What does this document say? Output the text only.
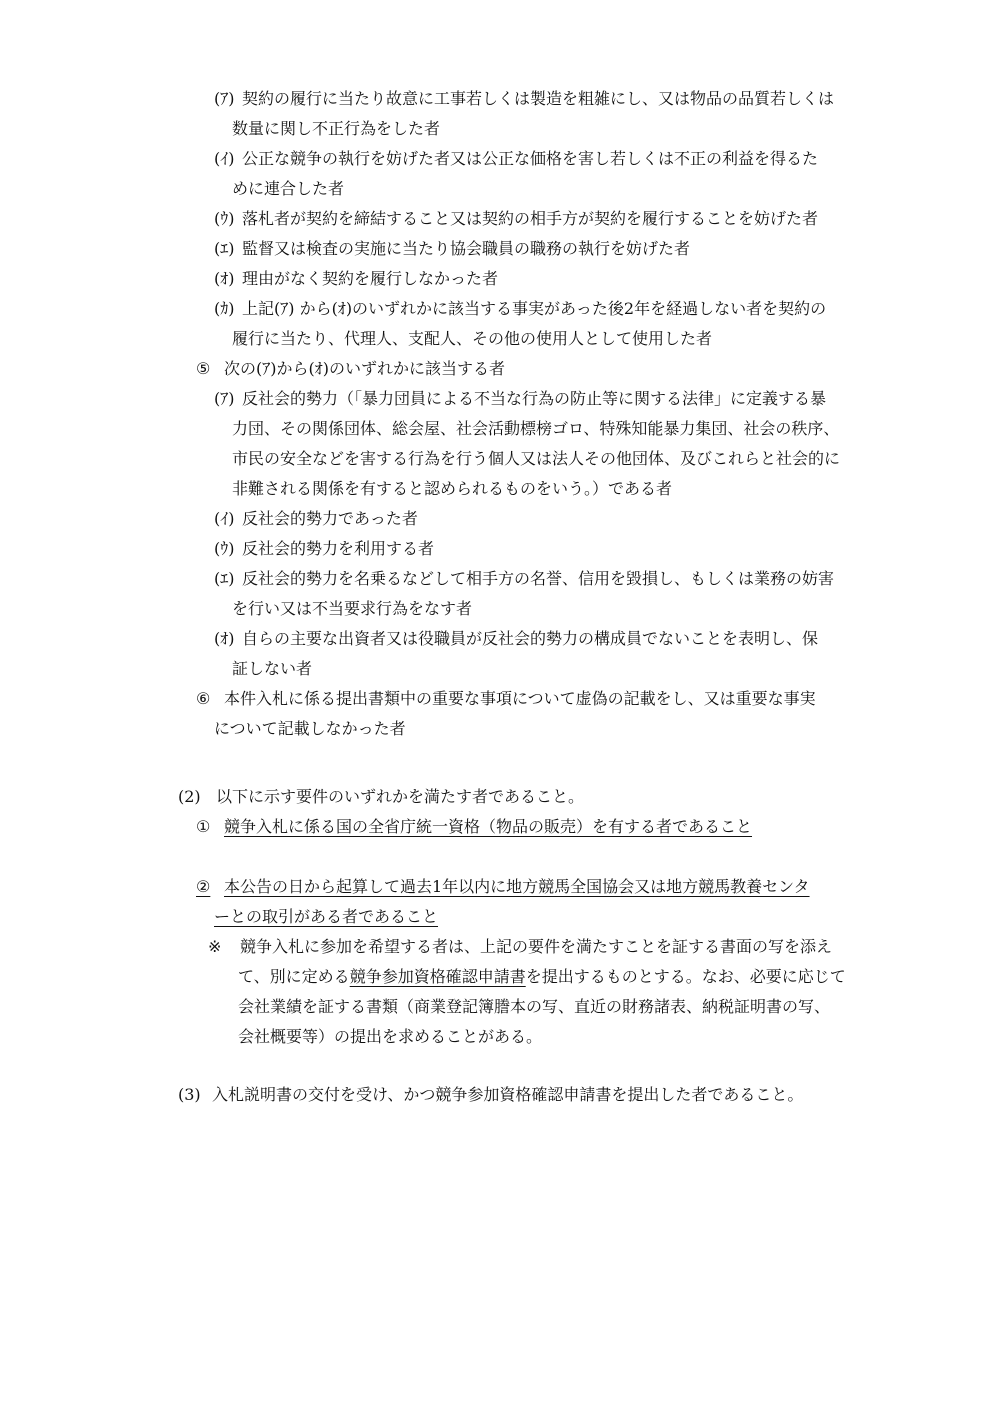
(ｱ) 契約の履行に当たり故意に工事若しくは製造を粗雑にし、又は物品の品質若しくは
数量に関し不正行為をした者
(ｲ) 公正な競争の執行を妨げた者又は公正な価格を害し若しくは不正の利益を得るた
めに連合した者
(ｳ) 落札者が契約を締結すること又は契約の相手方が契約を履行することを妨げた者
(ｴ) 監督又は検査の実施に当たり協会職員の職務の執行を妨げた者
(ｵ) 理由がなく契約を履行しなかった者
(ｶ) 上記(ｱ) から(ｵ)のいずれかに該当する事実があった後2年を経過しない者を契約の
履行に当たり、代理人、支配人、その他の使用人として使用した者
⑤ 次の(ｱ)から(ｵ)のいずれかに該当する者
(ｱ) 反社会的勢力（「暴力団員による不当な行為の防止等に関する法律」に定義する暴
力団、その関係団体、総会屋、社会活動標榜ゴロ、特殊知能暴力集団、社会の秩序、
市民の安全などを害する行為を行う個人又は法人その他団体、及びこれらと社会的に
非難される関係を有すると認められるものをいう。）である者
(ｲ) 反社会的勢力であった者
(ｳ) 反社会的勢力を利用する者
(ｴ) 反社会的勢力を名乗るなどして相手方の名誉、信用を毀損し、もしくは業務の妨害
を行い又は不当要求行為をなす者
(ｵ) 自らの主要な出資者又は役職員が反社会的勢力の構成員でないことを表明し、保
証しない者
⑥ 本件入札に係る提出書類中の重要な事項について虚偽の記載をし、又は重要な事実
について記載しなかった者
(2) 以下に示す要件のいずれかを満たす者であること。
① 競争入札に係る国の全省庁統一資格（物品の販売）を有する者であること
② 本公告の日から起算して過去1年以内に地方競馬全国協会又は地方競馬教養センタ
ーとの取引がある者であること
※ 競争入札に参加を希望する者は、上記の要件を満たすことを証する書面の写を添え
て、別に定める競争参加資格確認申請書を提出するものとする。なお、必要に応じて
会社業績を証する書類（商業登記簿謄本の写、直近の財務諸表、納税証明書の写、
会社概要等）の提出を求めることがある。
(3) 入札説明書の交付を受け、かつ競争参加資格確認申請書を提出した者であること。
